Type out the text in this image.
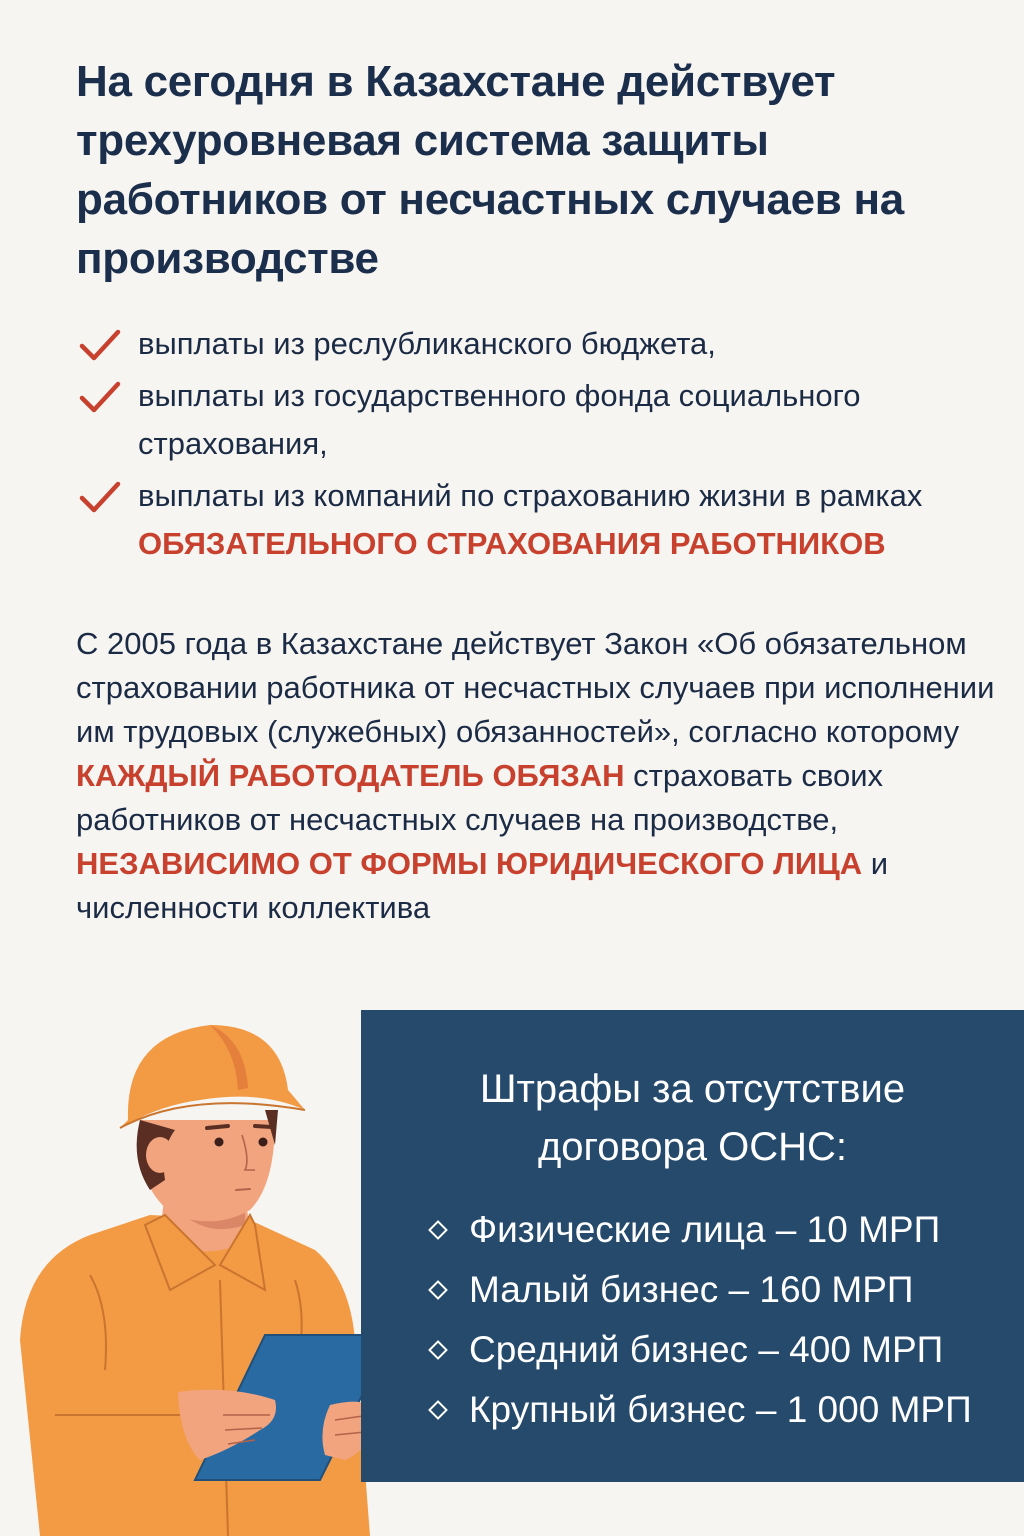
На сегодня в Казахстане действует трехуровневая система защиты работников от несчастных случаев на производстве
выплаты из реслубликанского бюджета,
выплаты из государственного фонда социального страхования,
выплаты из компаний по страхованию жизни в рамках ОБЯЗАТЕЛЬНОГО СТРАХОВАНИЯ РАБОТНИКОВ

С 2005 года в Казахстане действует Закон «Об обязательном страховании работника от несчастных случаев при исполнении им трудовых (служебных) обязанностей», согласно которому КАЖДЫЙ РАБОТОДАТЕЛЬ ОБЯЗАН страховать своих работников от несчастных случаев на производстве, НЕЗАВИСИМО ОТ ФОРМЫ ЮРИДИЧЕСКОГО ЛИЦА и численности коллектива

Штрафы за отсутствие
договора ОСНС:
Физические лица – 10 МРП
Малый бизнес – 160 МРП
Средний бизнес – 400 МРП
Крупный бизнес – 1 000 МРП
